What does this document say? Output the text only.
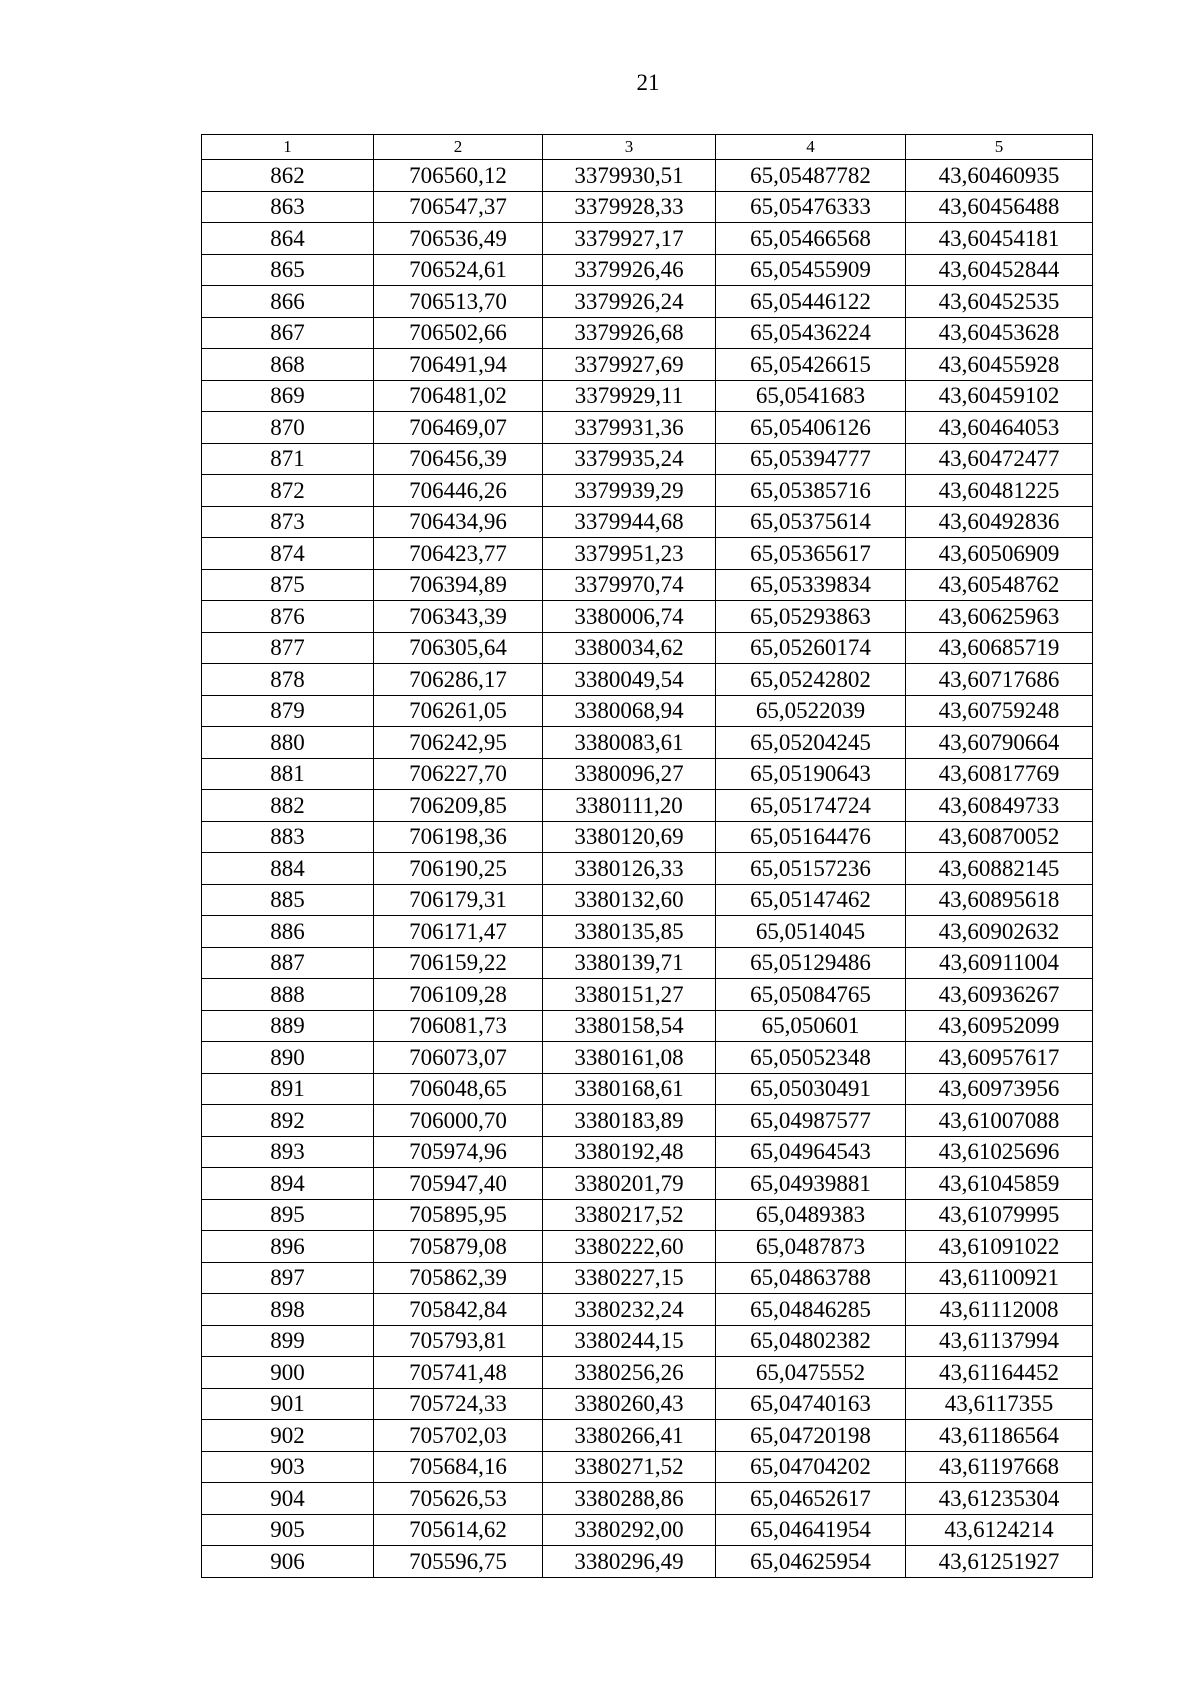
21
1	2	3	4	5
862	706560,12	3379930,51	65,05487782	43,60460935
863	706547,37	3379928,33	65,05476333	43,60456488
864	706536,49	3379927,17	65,05466568	43,60454181
865	706524,61	3379926,46	65,05455909	43,60452844
866	706513,70	3379926,24	65,05446122	43,60452535
867	706502,66	3379926,68	65,05436224	43,60453628
868	706491,94	3379927,69	65,05426615	43,60455928
869	706481,02	3379929,11	65,0541683	43,60459102
870	706469,07	3379931,36	65,05406126	43,60464053
871	706456,39	3379935,24	65,05394777	43,60472477
872	706446,26	3379939,29	65,05385716	43,60481225
873	706434,96	3379944,68	65,05375614	43,60492836
874	706423,77	3379951,23	65,05365617	43,60506909
875	706394,89	3379970,74	65,05339834	43,60548762
876	706343,39	3380006,74	65,05293863	43,60625963
877	706305,64	3380034,62	65,05260174	43,60685719
878	706286,17	3380049,54	65,05242802	43,60717686
879	706261,05	3380068,94	65,0522039	43,60759248
880	706242,95	3380083,61	65,05204245	43,60790664
881	706227,70	3380096,27	65,05190643	43,60817769
882	706209,85	3380111,20	65,05174724	43,60849733
883	706198,36	3380120,69	65,05164476	43,60870052
884	706190,25	3380126,33	65,05157236	43,60882145
885	706179,31	3380132,60	65,05147462	43,60895618
886	706171,47	3380135,85	65,0514045	43,60902632
887	706159,22	3380139,71	65,05129486	43,60911004
888	706109,28	3380151,27	65,05084765	43,60936267
889	706081,73	3380158,54	65,050601	43,60952099
890	706073,07	3380161,08	65,05052348	43,60957617
891	706048,65	3380168,61	65,05030491	43,60973956
892	706000,70	3380183,89	65,04987577	43,61007088
893	705974,96	3380192,48	65,04964543	43,61025696
894	705947,40	3380201,79	65,04939881	43,61045859
895	705895,95	3380217,52	65,0489383	43,61079995
896	705879,08	3380222,60	65,0487873	43,61091022
897	705862,39	3380227,15	65,04863788	43,61100921
898	705842,84	3380232,24	65,04846285	43,61112008
899	705793,81	3380244,15	65,04802382	43,61137994
900	705741,48	3380256,26	65,0475552	43,61164452
901	705724,33	3380260,43	65,04740163	43,6117355
902	705702,03	3380266,41	65,04720198	43,61186564
903	705684,16	3380271,52	65,04704202	43,61197668
904	705626,53	3380288,86	65,04652617	43,61235304
905	705614,62	3380292,00	65,04641954	43,6124214
906	705596,75	3380296,49	65,04625954	43,61251927
